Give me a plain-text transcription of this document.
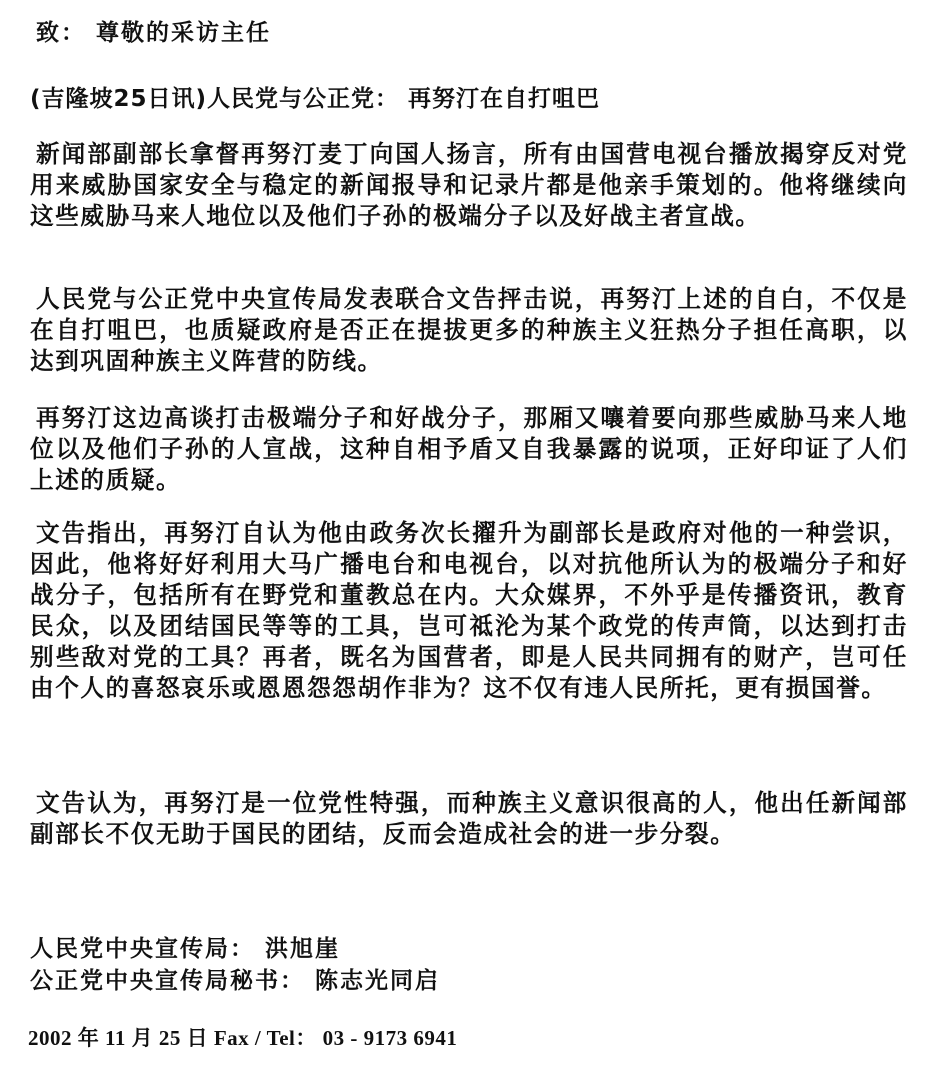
致： 尊敬的采访主任
(吉隆坡25日讯)人民党与公正党： 再努汀在自打咀巴

新闻部副部长拿督再努汀麦丁向国人扬言，所有由国营电视台播放揭穿反对党用来威胁国家安全与稳定的新闻报导和记录片都是他亲手策划的。他将继续向这些威胁马来人地位以及他们子孙的极端分子以及好战主者宣战。

人民党与公正党中央宣传局发表联合文告抨击说，再努汀上述的自白，不仅是在自打咀巴，也质疑政府是否正在提拔更多的种族主义狂热分子担任高职，以达到巩固种族主义阵营的防线。

再努汀这边高谈打击极端分子和好战分子，那厢又嚷着要向那些威胁马来人地位以及他们子孙的人宣战，这种自相予盾又自我暴露的说项，正好印证了人们上述的质疑。

文告指出，再努汀自认为他由政务次长擢升为副部长是政府对他的一种尝识，因此，他将好好利用大马广播电台和电视台，以对抗他所认为的极端分子和好战分子，包括所有在野党和董教总在内。大众媒界，不外乎是传播资讯，教育民众，以及团结国民等等的工具，岂可祗沦为某个政党的传声筒，以达到打击别些敌对党的工具？再者，既名为国营者，即是人民共同拥有的财产，岂可任由个人的喜怒哀乐或恩恩怨怨胡作非为？这不仅有违人民所托，更有损国誉。

文告认为，再努汀是一位党性特强，而种族主义意识很高的人，他出任新闻部副部长不仅无助于国民的团结，反而会造成社会的进一步分裂。

人民党中央宣传局： 洪旭崖
公正党中央宣传局秘书： 陈志光同启
2002 年 11 月 25 日 Fax / Tel： 03 - 9173 6941
